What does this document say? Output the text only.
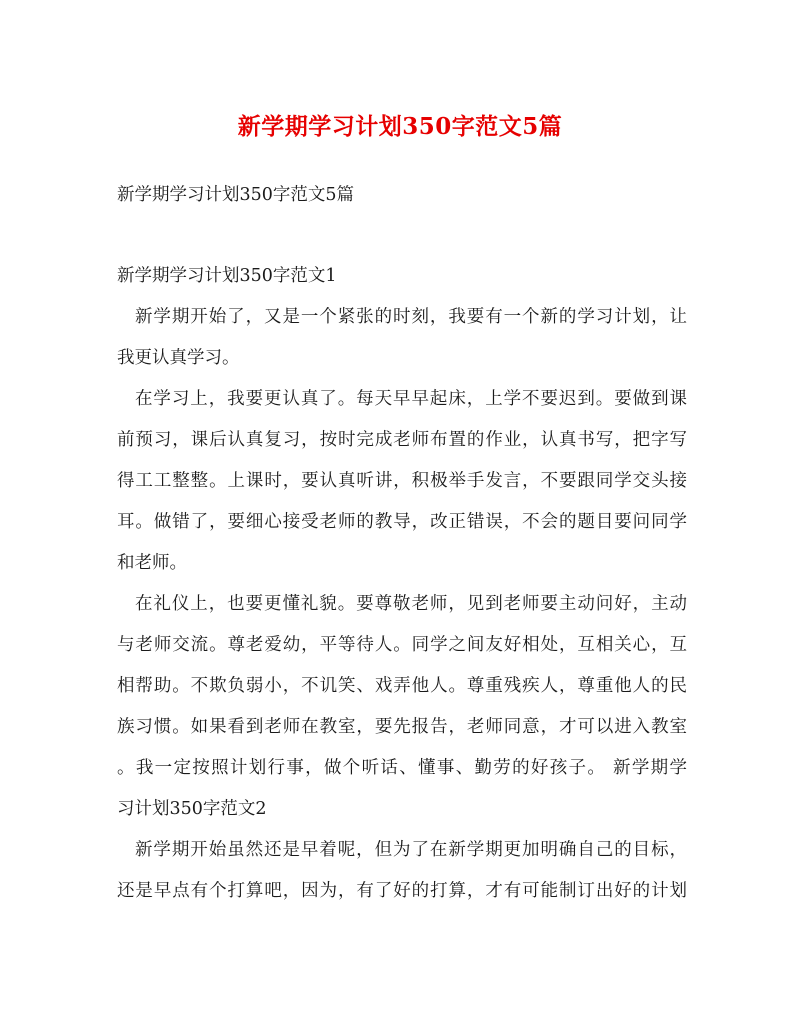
新学期学习计划350字范文5篇
新学期学习计划350字范文5篇
新学期学习计划350字范文1
新学期开始了，又是一个紧张的时刻，我要有一个新的学习计划，让
我更认真学习。
在学习上，我要更认真了。每天早早起床，上学不要迟到。要做到课
前预习，课后认真复习，按时完成老师布置的作业，认真书写，把字写
得工工整整。上课时，要认真听讲，积极举手发言，不要跟同学交头接
耳。做错了，要细心接受老师的教导，改正错误，不会的题目要问同学
和老师。
在礼仪上，也要更懂礼貌。要尊敬老师，见到老师要主动问好，主动
与老师交流。尊老爱幼，平等待人。同学之间友好相处，互相关心，互
相帮助。不欺负弱小，不讥笑、戏弄他人。尊重残疾人，尊重他人的民
族习惯。如果看到老师在教室，要先报告，老师同意，才可以进入教室
。我一定按照计划行事，做个听话、懂事、勤劳的好孩子。 新学期学
习计划350字范文2
新学期开始虽然还是早着呢，但为了在新学期更加明确自己的目标，
还是早点有个打算吧，因为，有了好的打算，才有可能制订出好的计划
